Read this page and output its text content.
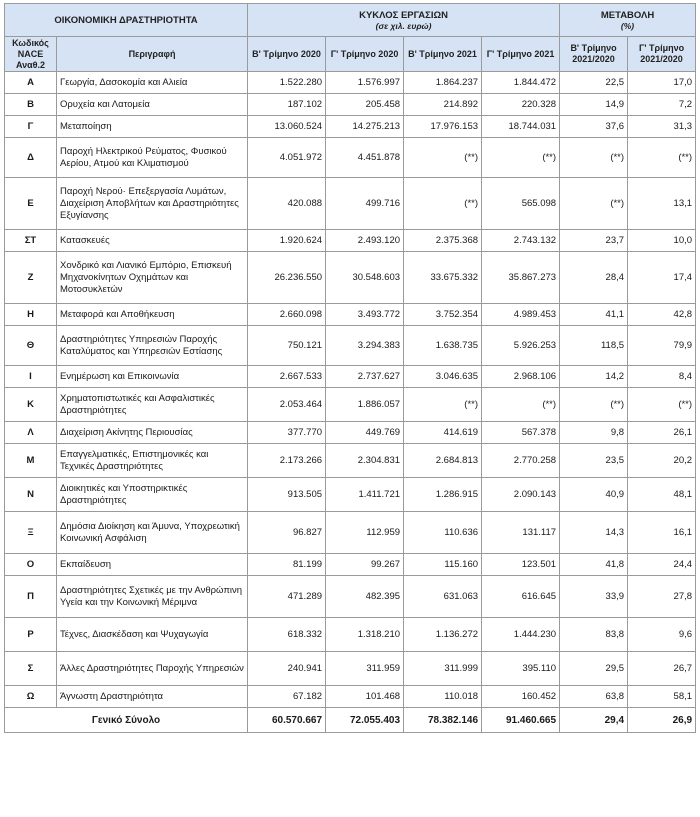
ΟΙΚΟΝΟΜΙΚΗ ΔΡΑΣΤΗΡΙΟΤΗΤΑ		ΚΥΚΛΟΣ ΕΡΓΑΣΙΩΝ
(σε χιλ. ευρώ)				ΜΕΤΑΒΟΛΗ
(%)	

Κωδικός NACE Αναθ.2	Περιγραφή	Β' Τρίμηνο 2020	Γ' Τρίμηνο 2020	Β' Τρίμηνο 2021	Γ' Τρίμηνο 2021	Β' Τρίμηνο 2021/2020	Γ' Τρίμηνο 2021/2020
Α	Γεωργία, Δασοκομία και Αλιεία	1.522.280	1.576.997	1.864.237	1.844.472	22,5	17,0
Β	Ορυχεία και Λατομεία	187.102	205.458	214.892	220.328	14,9	7,2
Γ	Μεταποίηση	13.060.524	14.275.213	17.976.153	18.744.031	37,6	31,3
Δ	Παροχή Ηλεκτρικού Ρεύματος, Φυσικού Αερίου, Ατμού και Κλιματισμού	4.051.972	4.451.878	(**)	(**)	(**)	(**)
Ε	Παροχή Νερού· Επεξεργασία Λυμάτων, Διαχείριση Αποβλήτων και Δραστηριότητες Εξυγίανσης	420.088	499.716	(**)	565.098	(**)	13,1
ΣΤ	Κατασκευές	1.920.624	2.493.120	2.375.368	2.743.132	23,7	10,0
Ζ	Χονδρικό και Λιανικό Εμπόριο, Επισκευή Μηχανοκίνητων Οχημάτων και Μοτοσυκλετών	26.236.550	30.548.603	33.675.332	35.867.273	28,4	17,4
Η	Μεταφορά και Αποθήκευση	2.660.098	3.493.772	3.752.354	4.989.453	41,1	42,8
Θ	Δραστηριότητες Υπηρεσιών Παροχής Καταλύματος και Υπηρεσιών Εστίασης	750.121	3.294.383	1.638.735	5.926.253	118,5	79,9
Ι	Ενημέρωση και Επικοινωνία	2.667.533	2.737.627	3.046.635	2.968.106	14,2	8,4
Κ	Χρηματοπιστωτικές και Ασφαλιστικές Δραστηριότητες	2.053.464	1.886.057	(**)	(**)	(**)	(**)
Λ	Διαχείριση Ακίνητης Περιουσίας	377.770	449.769	414.619	567.378	9,8	26,1
Μ	Επαγγελματικές, Επιστημονικές και Τεχνικές Δραστηριότητες	2.173.266	2.304.831	2.684.813	2.770.258	23,5	20,2
Ν	Διοικητικές και Υποστηρικτικές Δραστηριότητες	913.505	1.411.721	1.286.915	2.090.143	40,9	48,1
Ξ	Δημόσια Διοίκηση και Άμυνα, Υποχρεωτική Κοινωνική Ασφάλιση	96.827	112.959	110.636	131.117	14,3	16,1
Ο	Εκπαίδευση	81.199	99.267	115.160	123.501	41,8	24,4
Π	Δραστηριότητες Σχετικές με την Ανθρώπινη Υγεία και την Κοινωνική Μέριμνα	471.289	482.395	631.063	616.645	33,9	27,8
Ρ	Τέχνες, Διασκέδαση και Ψυχαγωγία	618.332	1.318.210	1.136.272	1.444.230	83,8	9,6
Σ	Άλλες Δραστηριότητες Παροχής Υπηρεσιών	240.941	311.959	311.999	395.110	29,5	26,7
Ω	Άγνωστη Δραστηριότητα	67.182	101.468	110.018	160.452	63,8	58,1
Γενικό Σύνολο		60.570.667	72.055.403	78.382.146	91.460.665	29,4	26,9
